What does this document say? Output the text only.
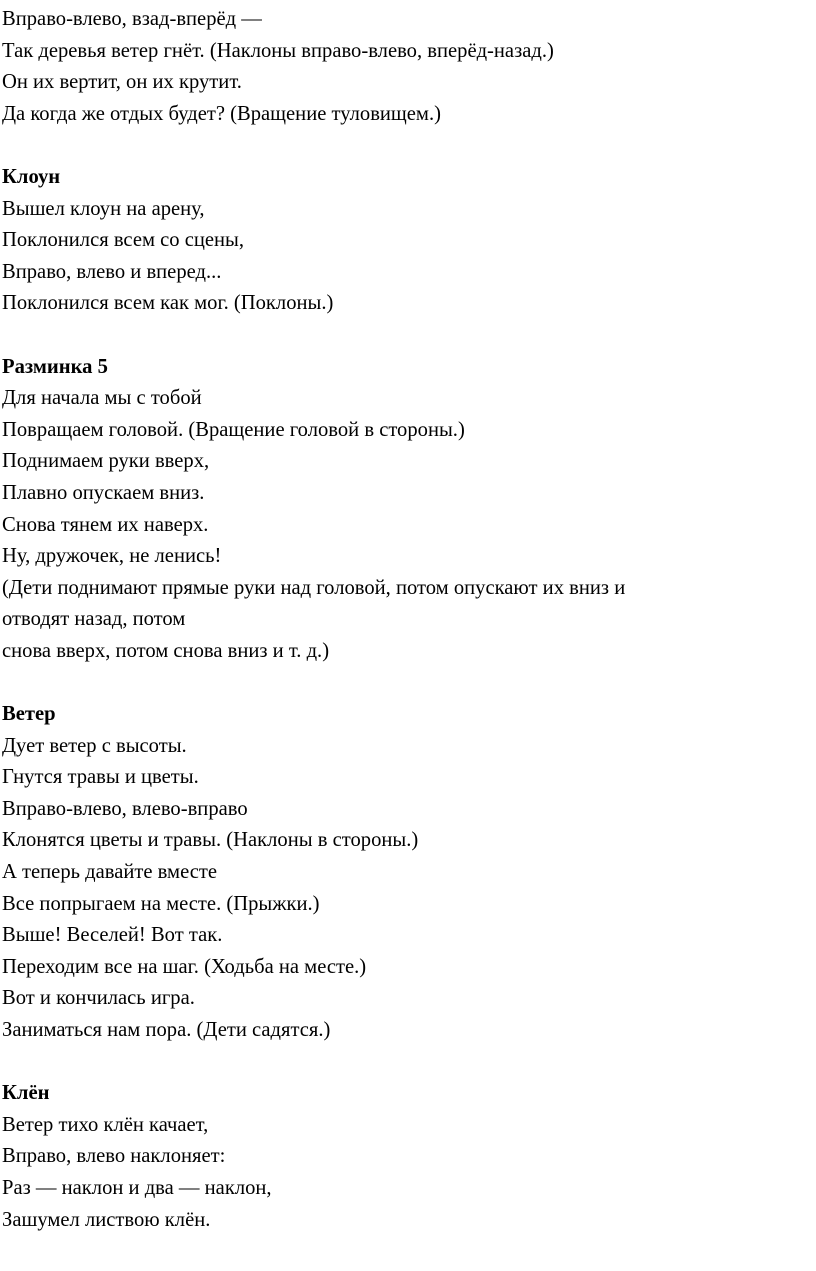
Вправо-влево, взад-вперёд —

Так деревья ветер гнёт. (Наклоны вправо-влево, вперёд-назад.)

Он их вертит, он их крутит.

Да когда же отдых будет? (Вращение туловищем.)

Клоун

Вышел клоун на арену,

Поклонился всем со сцены,

Вправо, влево и вперед...

Поклонился всем как мог. (Поклоны.)

Разминка 5

Для начала мы с тобой

Повращаем головой. (Вращение головой в стороны.)

Поднимаем руки вверх,

Плавно опускаем вниз.

Снова тянем их наверх.

Ну, дружочек, не ленись!

(Дети поднимают прямые руки над головой, потом опускают их вниз и

отводят назад, потом

снова вверх, потом снова вниз и т. д.)

Ветер

Дует ветер с высоты.

Гнутся травы и цветы.

Вправо-влево, влево-вправо

Клонятся цветы и травы. (Наклоны в стороны.)

А теперь давайте вместе

Все попрыгаем на месте. (Прыжки.)

Выше! Веселей! Вот так.

Переходим все на шаг. (Ходьба на месте.)

Вот и кончилась игра.

Заниматься нам пора. (Дети садятся.)

Клён

Ветер тихо клён качает,

Вправо, влево наклоняет:

Раз — наклон и два — наклон,

Зашумел листвою клён.
